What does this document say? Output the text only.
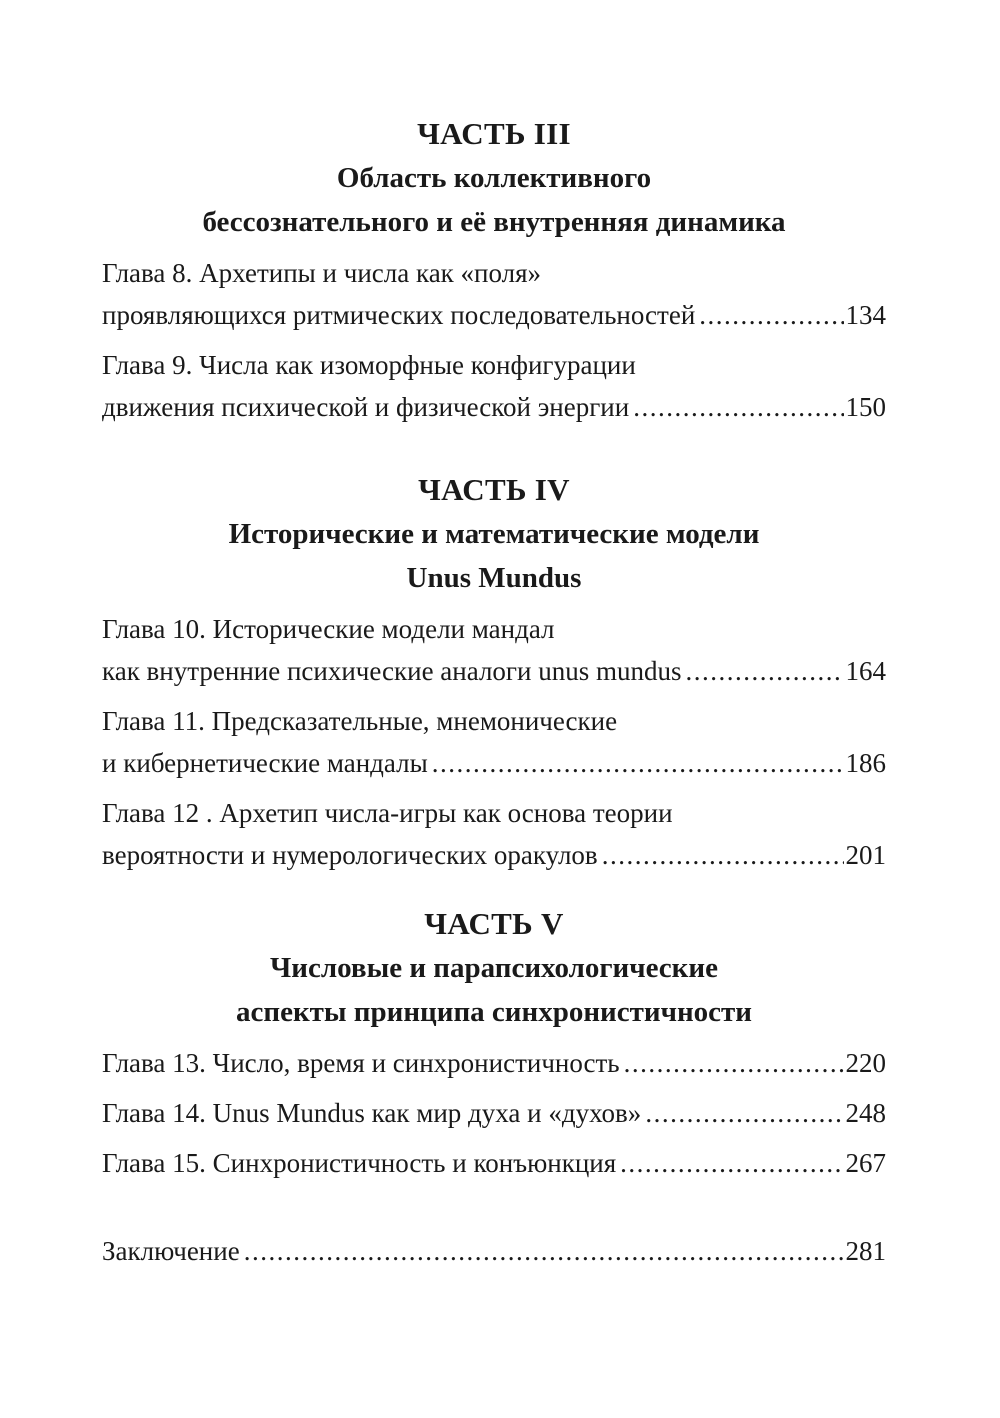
ЧАСТЬ III
Область коллективного
бессознательного и её внутренняя динамика
Глава 8. Архетипы и числа как «поля»
проявляющихся ритмических последовательностей .....	134
Глава 9. Числа как изоморфные конфигурации
движения психической и физической энергии .....	150
ЧАСТЬ IV
Исторические и математические модели
Unus Mundus
Глава 10. Исторические модели мандал
как внутренние психические аналоги unus mundus .....	164
Глава 11. Предсказательные, мнемонические
и кибернетические мандалы .....	186
Глава 12 . Архетип числа-игры как основа теории
вероятности и нумерологических оракулов .....	201
ЧАСТЬ V
Числовые и парапсихологические
аспекты принципа синхронистичности
Глава 13. Число, время и синхронистичность .....	220
Глава 14. Unus Mundus как мир духа и «духов» .....	248
Глава 15. Синхронистичность и конъюнкция .....	267
Заключение .....	281
